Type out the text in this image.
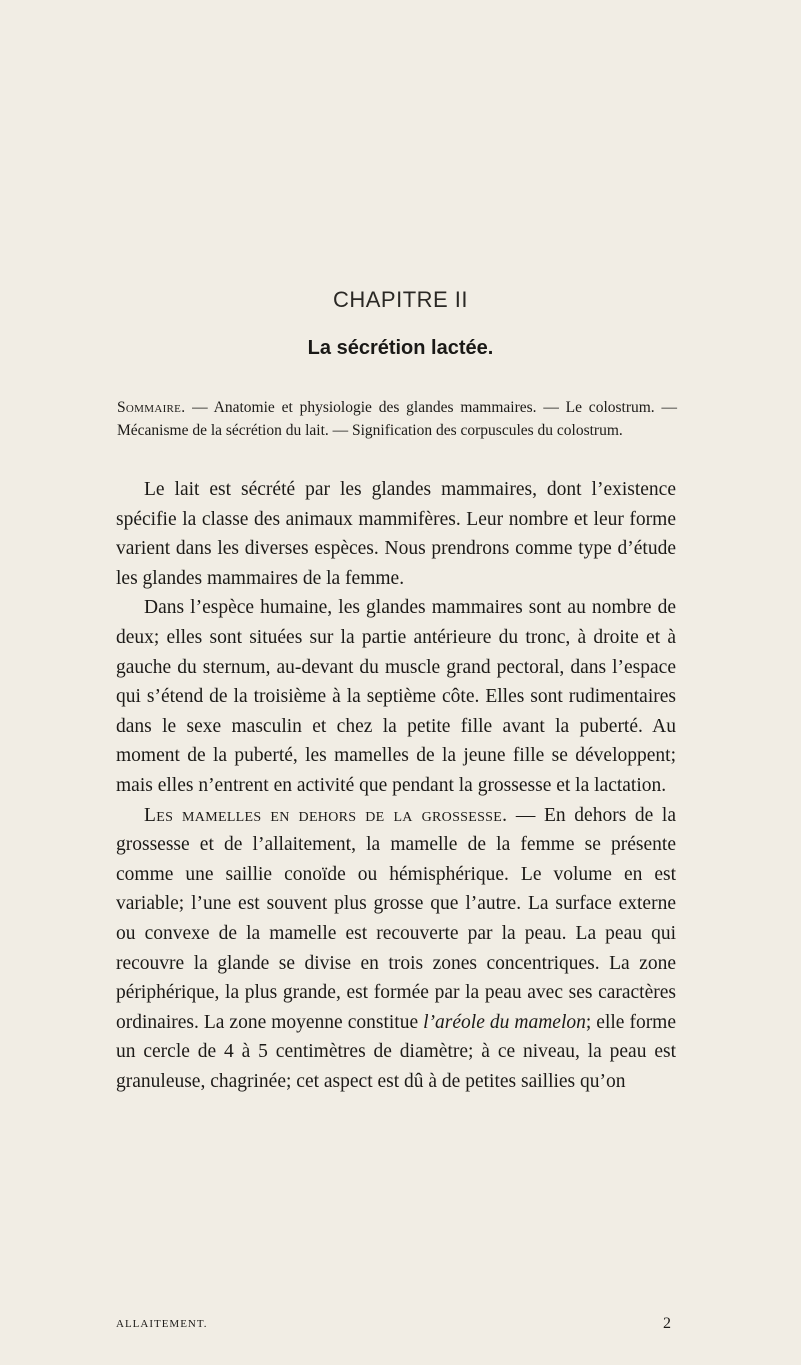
CHAPITRE II
La sécrétion lactée.
Sommaire. — Anatomie et physiologie des glandes mammaires. — Le colostrum. — Mécanisme de la sécrétion du lait. — Signification des corpuscules du colostrum.

Le lait est sécrété par les glandes mammaires, dont l’existence spécifie la classe des animaux mammifères. Leur nombre et leur forme varient dans les diverses espèces. Nous prendrons comme type d’étude les glandes mammaires de la femme.

Dans l’espèce humaine, les glandes mammaires sont au nombre de deux; elles sont situées sur la partie antérieure du tronc, à droite et à gauche du sternum, au-devant du muscle grand pectoral, dans l’espace qui s’étend de la troisième à la septième côte. Elles sont rudimentaires dans le sexe masculin et chez la petite fille avant la puberté. Au moment de la puberté, les mamelles de la jeune fille se développent; mais elles n’entrent en activité que pendant la grossesse et la lactation.

Les mamelles en dehors de la grossesse. — En dehors de la grossesse et de l’allaitement, la mamelle de la femme se présente comme une saillie conoïde ou hémisphérique. Le volume en est variable; l’une est souvent plus grosse que l’autre. La surface externe ou convexe de la mamelle est recouverte par la peau. La peau qui recouvre la glande se divise en trois zones concentriques. La zone périphérique, la plus grande, est formée par la peau avec ses caractères ordinaires. La zone moyenne constitue l’aréole du mamelon; elle forme un cercle de 4 à 5 centimètres de diamètre; à ce niveau, la peau est granuleuse, chagrinée; cet aspect est dû à de petites saillies qu’on

ALLAITEMENT.	2
